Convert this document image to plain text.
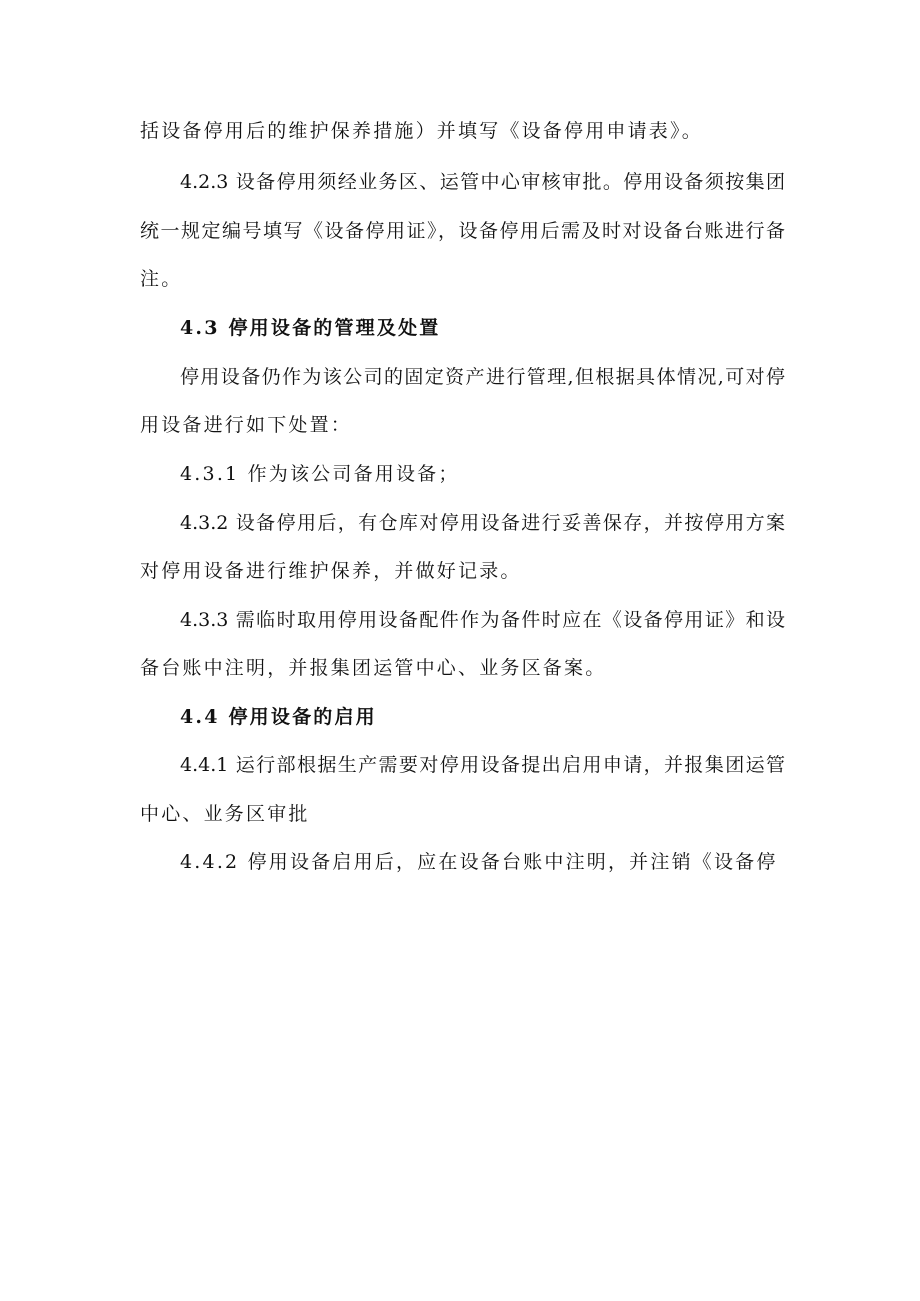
括设备停用后的维护保养措施）并填写《设备停用申请表》。
4.2.3 设备停用须经业务区、运管中心审核审批。停用设备须按集团
统一规定编号填写《设备停用证》，设备停用后需及时对设备台账进行备
注。
4.3 停用设备的管理及处置
停用设备仍作为该公司的固定资产进行管理,但根据具体情况,可对停
用设备进行如下处置：
4.3.1 作为该公司备用设备；
4.3.2 设备停用后，有仓库对停用设备进行妥善保存，并按停用方案
对停用设备进行维护保养，并做好记录。
4.3.3 需临时取用停用设备配件作为备件时应在《设备停用证》和设
备台账中注明，并报集团运管中心、业务区备案。
4.4 停用设备的启用
4.4.1 运行部根据生产需要对停用设备提出启用申请，并报集团运管
中心、业务区审批
4.4.2 停用设备启用后，应在设备台账中注明，并注销《设备停
